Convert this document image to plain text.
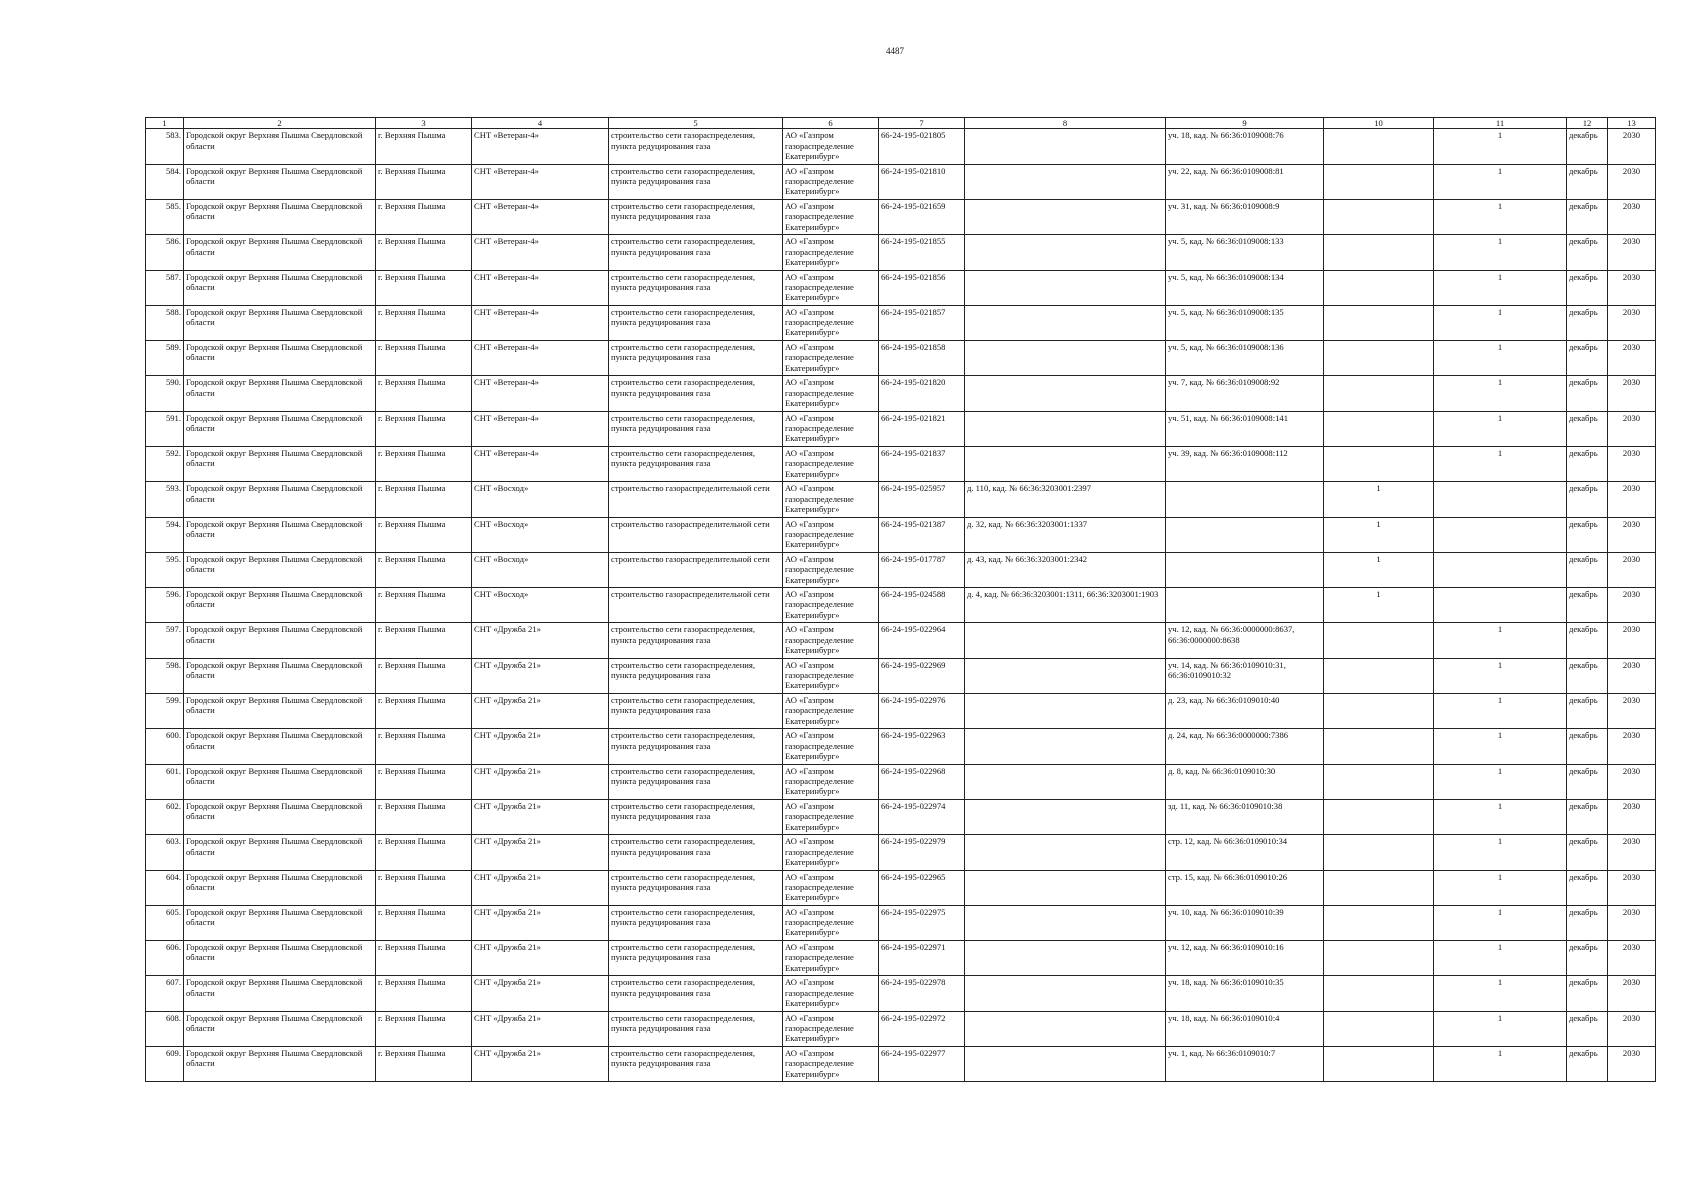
4487
1	2	3	4	5	6	7	8	9	10	11	12	13
583.	Городской округ Верхняя Пышма Свердловской области	г. Верхняя Пышма	СНТ «Ветеран-4»	строительство сети газораспределения, пункта редуцирования газа	АО «Газпром газораспределение Екатеринбург»	66-24-195-021805		уч. 18, кад. № 66:36:0109008:76		1	декабрь	2030
584.	Городской округ Верхняя Пышма Свердловской области	г. Верхняя Пышма	СНТ «Ветеран-4»	строительство сети газораспределения, пункта редуцирования газа	АО «Газпром газораспределение Екатеринбург»	66-24-195-021810		уч. 22, кад. № 66:36:0109008:81		1	декабрь	2030
585.	Городской округ Верхняя Пышма Свердловской области	г. Верхняя Пышма	СНТ «Ветеран-4»	строительство сети газораспределения, пункта редуцирования газа	АО «Газпром газораспределение Екатеринбург»	66-24-195-021659		уч. 31, кад. № 66:36:0109008:9		1	декабрь	2030
586.	Городской округ Верхняя Пышма Свердловской области	г. Верхняя Пышма	СНТ «Ветеран-4»	строительство сети газораспределения, пункта редуцирования газа	АО «Газпром газораспределение Екатеринбург»	66-24-195-021855		уч. 5, кад. № 66:36:0109008:133		1	декабрь	2030
587.	Городской округ Верхняя Пышма Свердловской области	г. Верхняя Пышма	СНТ «Ветеран-4»	строительство сети газораспределения, пункта редуцирования газа	АО «Газпром газораспределение Екатеринбург»	66-24-195-021856		уч. 5, кад. № 66:36:0109008:134		1	декабрь	2030
588.	Городской округ Верхняя Пышма Свердловской области	г. Верхняя Пышма	СНТ «Ветеран-4»	строительство сети газораспределения, пункта редуцирования газа	АО «Газпром газораспределение Екатеринбург»	66-24-195-021857		уч. 5, кад. № 66:36:0109008:135		1	декабрь	2030
589.	Городской округ Верхняя Пышма Свердловской области	г. Верхняя Пышма	СНТ «Ветеран-4»	строительство сети газораспределения, пункта редуцирования газа	АО «Газпром газораспределение Екатеринбург»	66-24-195-021858		уч. 5, кад. № 66:36:0109008:136		1	декабрь	2030
590.	Городской округ Верхняя Пышма Свердловской области	г. Верхняя Пышма	СНТ «Ветеран-4»	строительство сети газораспределения, пункта редуцирования газа	АО «Газпром газораспределение Екатеринбург»	66-24-195-021820		уч. 7, кад. № 66:36:0109008:92		1	декабрь	2030
591.	Городской округ Верхняя Пышма Свердловской области	г. Верхняя Пышма	СНТ «Ветеран-4»	строительство сети газораспределения, пункта редуцирования газа	АО «Газпром газораспределение Екатеринбург»	66-24-195-021821		уч. 51, кад. № 66:36:0109008:141		1	декабрь	2030
592.	Городской округ Верхняя Пышма Свердловской области	г. Верхняя Пышма	СНТ «Ветеран-4»	строительство сети газораспределения, пункта редуцирования газа	АО «Газпром газораспределение Екатеринбург»	66-24-195-021837		уч. 39, кад. № 66:36:0109008:112		1	декабрь	2030
593.	Городской округ Верхняя Пышма Свердловской области	г. Верхняя Пышма	СНТ «Восход»	строительство газораспределительной сети	АО «Газпром газораспределение Екатеринбург»	66-24-195-025957	д. 110, кад. № 66:36:3203001:2397		1		декабрь	2030
594.	Городской округ Верхняя Пышма Свердловской области	г. Верхняя Пышма	СНТ «Восход»	строительство газораспределительной сети	АО «Газпром газораспределение Екатеринбург»	66-24-195-021387	д. 32, кад. № 66:36:3203001:1337		1		декабрь	2030
595.	Городской округ Верхняя Пышма Свердловской области	г. Верхняя Пышма	СНТ «Восход»	строительство газораспределительной сети	АО «Газпром газораспределение Екатеринбург»	66-24-195-017787	д. 43, кад. № 66:36:3203001:2342		1		декабрь	2030
596.	Городской округ Верхняя Пышма Свердловской области	г. Верхняя Пышма	СНТ «Восход»	строительство газораспределительной сети	АО «Газпром газораспределение Екатеринбург»	66-24-195-024588	д. 4, кад. № 66:36:3203001:1311, 66:36:3203001:1903		1		декабрь	2030
597.	Городской округ Верхняя Пышма Свердловской области	г. Верхняя Пышма	СНТ «Дружба 21»	строительство сети газораспределения, пункта редуцирования газа	АО «Газпром газораспределение Екатеринбург»	66-24-195-022964		уч. 12, кад. № 66:36:0000000:8637, 66:36:0000000:8638		1	декабрь	2030
598.	Городской округ Верхняя Пышма Свердловской области	г. Верхняя Пышма	СНТ «Дружба 21»	строительство сети газораспределения, пункта редуцирования газа	АО «Газпром газораспределение Екатеринбург»	66-24-195-022969		уч. 14, кад. № 66:36:0109010:31, 66:36:0109010:32		1	декабрь	2030
599.	Городской округ Верхняя Пышма Свердловской области	г. Верхняя Пышма	СНТ «Дружба 21»	строительство сети газораспределения, пункта редуцирования газа	АО «Газпром газораспределение Екатеринбург»	66-24-195-022976		д. 23, кад. № 66:36:0109010:40		1	декабрь	2030
600.	Городской округ Верхняя Пышма Свердловской области	г. Верхняя Пышма	СНТ «Дружба 21»	строительство сети газораспределения, пункта редуцирования газа	АО «Газпром газораспределение Екатеринбург»	66-24-195-022963		д. 24, кад. № 66:36:0000000:7386		1	декабрь	2030
601.	Городской округ Верхняя Пышма Свердловской области	г. Верхняя Пышма	СНТ «Дружба 21»	строительство сети газораспределения, пункта редуцирования газа	АО «Газпром газораспределение Екатеринбург»	66-24-195-022968		д. 8, кад. № 66:36:0109010:30		1	декабрь	2030
602.	Городской округ Верхняя Пышма Свердловской области	г. Верхняя Пышма	СНТ «Дружба 21»	строительство сети газораспределения, пункта редуцирования газа	АО «Газпром газораспределение Екатеринбург»	66-24-195-022974		зд. 11, кад. № 66:36:0109010:38		1	декабрь	2030
603.	Городской округ Верхняя Пышма Свердловской области	г. Верхняя Пышма	СНТ «Дружба 21»	строительство сети газораспределения, пункта редуцирования газа	АО «Газпром газораспределение Екатеринбург»	66-24-195-022979		стр. 12, кад. № 66:36:0109010:34		1	декабрь	2030
604.	Городской округ Верхняя Пышма Свердловской области	г. Верхняя Пышма	СНТ «Дружба 21»	строительство сети газораспределения, пункта редуцирования газа	АО «Газпром газораспределение Екатеринбург»	66-24-195-022965		стр. 15, кад. № 66:36:0109010:26		1	декабрь	2030
605.	Городской округ Верхняя Пышма Свердловской области	г. Верхняя Пышма	СНТ «Дружба 21»	строительство сети газораспределения, пункта редуцирования газа	АО «Газпром газораспределение Екатеринбург»	66-24-195-022975		уч. 10, кад. № 66:36:0109010:39		1	декабрь	2030
606.	Городской округ Верхняя Пышма Свердловской области	г. Верхняя Пышма	СНТ «Дружба 21»	строительство сети газораспределения, пункта редуцирования газа	АО «Газпром газораспределение Екатеринбург»	66-24-195-022971		уч. 12, кад. № 66:36:0109010:16		1	декабрь	2030
607.	Городской округ Верхняя Пышма Свердловской области	г. Верхняя Пышма	СНТ «Дружба 21»	строительство сети газораспределения, пункта редуцирования газа	АО «Газпром газораспределение Екатеринбург»	66-24-195-022978		уч. 18, кад. № 66:36:0109010:35		1	декабрь	2030
608.	Городской округ Верхняя Пышма Свердловской области	г. Верхняя Пышма	СНТ «Дружба 21»	строительство сети газораспределения, пункта редуцирования газа	АО «Газпром газораспределение Екатеринбург»	66-24-195-022972		уч. 18, кад. № 66:36:0109010:4		1	декабрь	2030
609.	Городской округ Верхняя Пышма Свердловской области	г. Верхняя Пышма	СНТ «Дружба 21»	строительство сети газораспределения, пункта редуцирования газа	АО «Газпром газораспределение Екатеринбург»	66-24-195-022977		уч. 1, кад. № 66:36:0109010:7		1	декабрь	2030
